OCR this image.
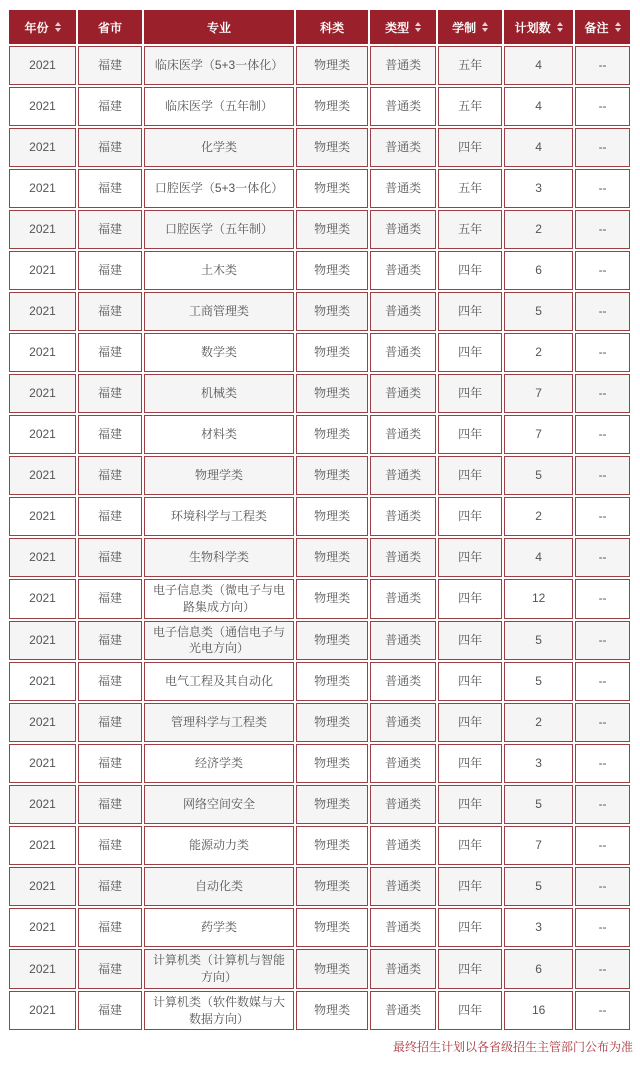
年份	省市	专业	科类	类型	学制	计划数	备注

2021	福建	临床医学（5+3一体化）	物理类	普通类	五年	4	--
2021	福建	临床医学（五年制）	物理类	普通类	五年	4	--
2021	福建	化学类	物理类	普通类	四年	4	--
2021	福建	口腔医学（5+3一体化）	物理类	普通类	五年	3	--
2021	福建	口腔医学（五年制）	物理类	普通类	五年	2	--
2021	福建	土木类	物理类	普通类	四年	6	--
2021	福建	工商管理类	物理类	普通类	四年	5	--
2021	福建	数学类	物理类	普通类	四年	2	--
2021	福建	机械类	物理类	普通类	四年	7	--
2021	福建	材料类	物理类	普通类	四年	7	--
2021	福建	物理学类	物理类	普通类	四年	5	--
2021	福建	环境科学与工程类	物理类	普通类	四年	2	--
2021	福建	生物科学类	物理类	普通类	四年	4	--
2021	福建	电子信息类（微电子与电路集成方向）	物理类	普通类	四年	12	--
2021	福建	电子信息类（通信电子与光电方向）	物理类	普通类	四年	5	--
2021	福建	电气工程及其自动化	物理类	普通类	四年	5	--
2021	福建	管理科学与工程类	物理类	普通类	四年	2	--
2021	福建	经济学类	物理类	普通类	四年	3	--
2021	福建	网络空间安全	物理类	普通类	四年	5	--
2021	福建	能源动力类	物理类	普通类	四年	7	--
2021	福建	自动化类	物理类	普通类	四年	5	--
2021	福建	药学类	物理类	普通类	四年	3	--
2021	福建	计算机类（计算机与智能方向）	物理类	普通类	四年	6	--
2021	福建	计算机类（软件数媒与大数据方向）	物理类	普通类	四年	16	--
最终招生计划以各省级招生主管部门公布为准
